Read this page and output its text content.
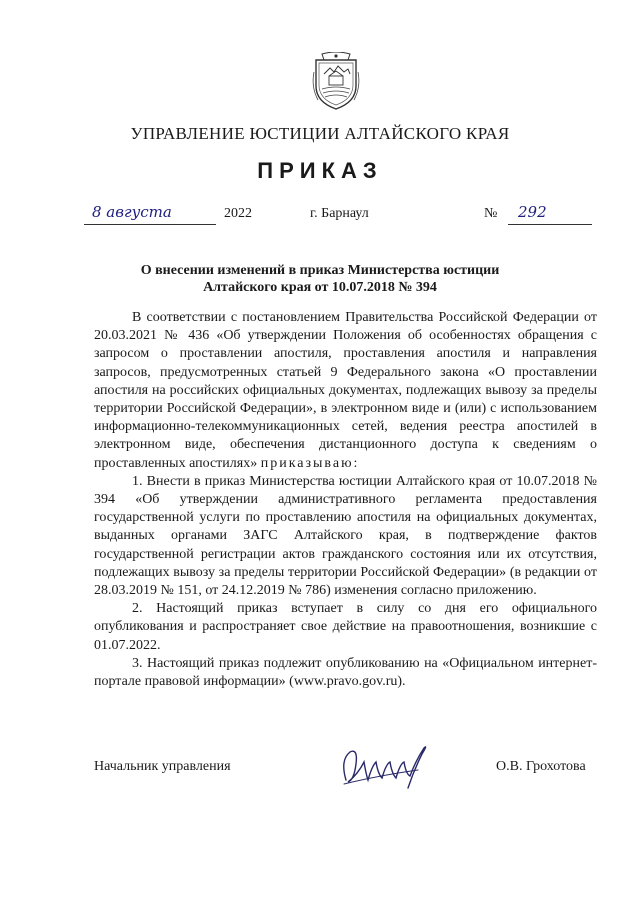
УПРАВЛЕНИЕ ЮСТИЦИИ АЛТАЙСКОГО КРАЯ
ПРИКАЗ
8 августа	2022	г. Барнаул	№ 292
О внесении изменений в приказ Министерства юстиции
Алтайского края от 10.07.2018 № 394

В соответствии с постановлением Правительства Российской Федерации от 20.03.2021 № 436 «Об утверждении Положения об особенностях обращения с запросом о проставлении апостиля, проставления апостиля и направления запросов, предусмотренных статьей 9 Федерального закона «О проставлении апостиля на российских официальных документах, подлежащих вывозу за пределы территории Российской Федерации», в электронном виде и (или) с использованием информационно-телекоммуникационных сетей, ведения реестра апостилей в электронном виде, обеспечения дистанционного доступа к сведениям о проставленных апостилях» приказываю:

1. Внести в приказ Министерства юстиции Алтайского края от 10.07.2018 № 394 «Об утверждении административного регламента предоставления государственной услуги по проставлению апостиля на официальных документах, выданных органами ЗАГС Алтайского края, в подтверждение фактов государственной регистрации актов гражданского состояния или их отсутствия, подлежащих вывозу за пределы территории Российской Федерации» (в редакции от 28.03.2019 № 151, от 24.12.2019 № 786) изменения согласно приложению.

2. Настоящий приказ вступает в силу со дня его официального опубликования и распространяет свое действие на правоотношения, возникшие с 01.07.2022.

3. Настоящий приказ подлежит опубликованию на «Официальном интернет-портале правовой информации» (www.pravo.gov.ru).

Начальник управления	О.В. Грохотова
